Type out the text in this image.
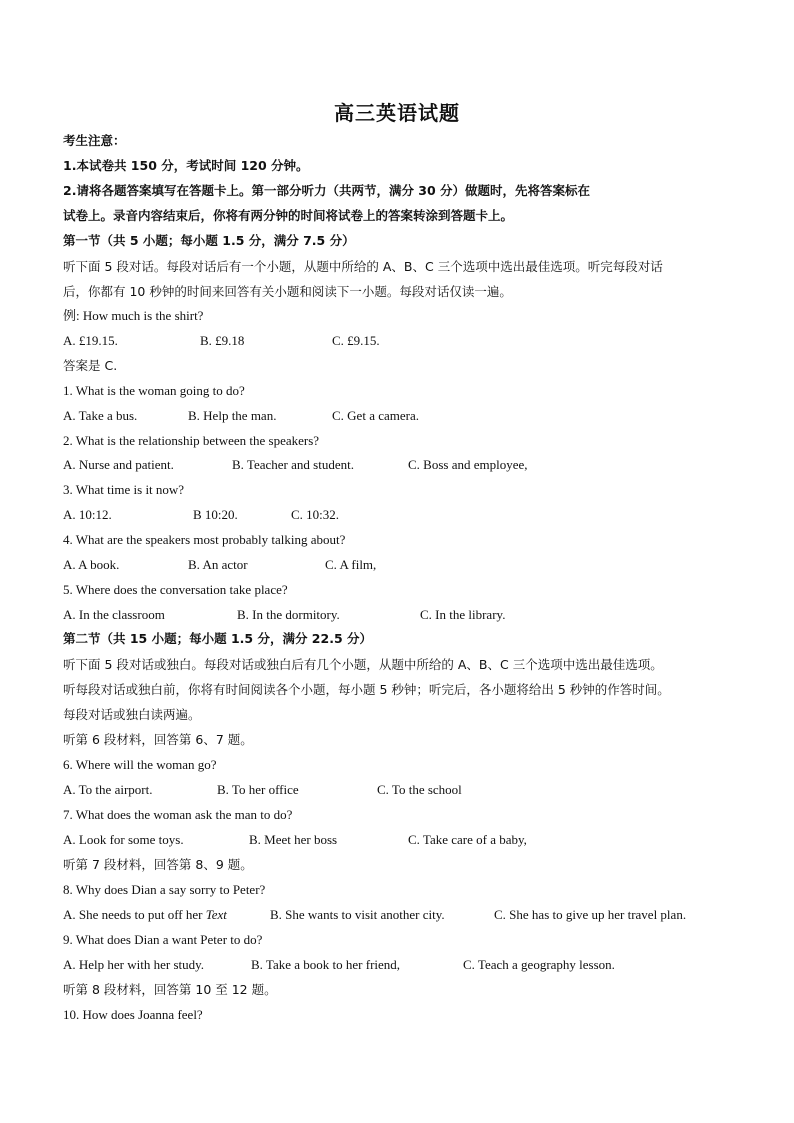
高三英语试题
考生注意：
1.本试卷共 150 分，考试时间 120 分钟。
2.请将各题答案填写在答题卡上。第一部分听力（共两节，满分 30 分）做题时，先将答案标在
试卷上。录音内容结束后，你将有两分钟的时间将试卷上的答案转涂到答题卡上。
第一节（共 5 小题；每小题 1.5 分，满分 7.5 分）
听下面 5 段对话。每段对话后有一个小题，从题中所给的 A、B、C 三个选项中选出最佳选项。听完每段对话
后，你都有 10 秒钟的时间来回答有关小题和阅读下一小题。每段对话仅读一遍。
例: How much is the shirt?
A. £19.15.	B. £9.18	C. £9.15.
答案是 C.
1. What is the woman going to do?
A. Take a bus.	B. Help the man.	C. Get a camera.
2. What is the relationship between the speakers?
A. Nurse and patient.	B. Teacher and student.	C. Boss and employee,
3. What time is it now?
A. 10:12.	B 10:20.	C. 10:32.
4. What are the speakers most probably talking about?
A. A book.	B. An actor	C. A film,
5. Where does the conversation take place?
A. In the classroom	B. In the dormitory.	C. In the library.
第二节（共 15 小题；每小题 1.5 分，满分 22.5 分）
听下面 5 段对话或独白。每段对话或独白后有几个小题，从题中所给的 A、B、C 三个选项中选出最佳选项。
听每段对话或独白前，你将有时间阅读各个小题，每小题 5 秒钟；听完后，各小题将给出 5 秒钟的作答时间。
每段对话或独白读两遍。
听第 6 段材料，回答第 6、7 题。
6. Where will the woman go?
A. To the airport.	B. To her office	C. To the school
7. What does the woman ask the man to do?
A. Look for some toys.	B. Meet her boss	C. Take care of a baby,
听第 7 段材料，回答第 8、9 题。
8. Why does Dian a say sorry to Peter?
A. She needs to put off her Text	B. She wants to visit another city.	C. She has to give up her travel plan.
9. What does Dian a want Peter to do?
A. Help her with her study.	B. Take a book to her friend,	C. Teach a geography lesson.
听第 8 段材料，回答第 10 至 12 题。
10. How does Joanna feel?
